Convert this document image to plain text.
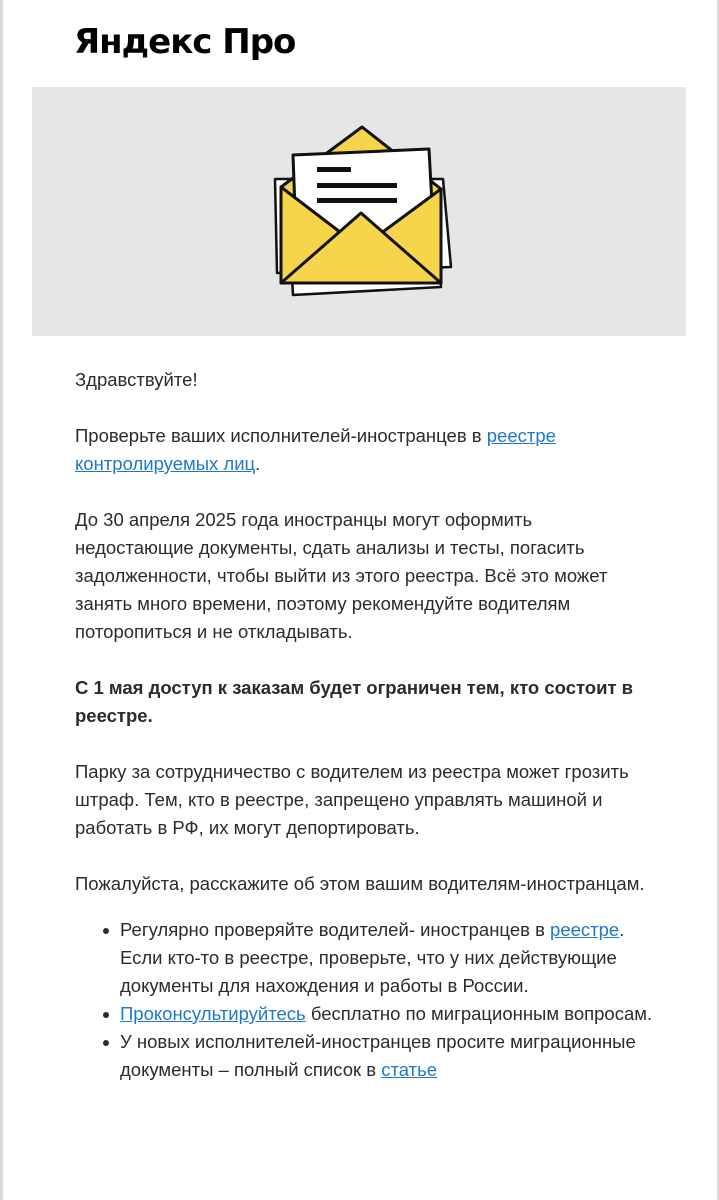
Яндекс Про

Здравствуйте!

Проверьте ваших исполнителей-иностранцев в реестре контролируемых лиц.

До 30 апреля 2025 года иностранцы могут оформить недостающие документы, сдать анализы и тесты, погасить задолженности, чтобы выйти из этого реестра. Всё это может занять много времени, поэтому рекомендуйте водителям поторопиться и не откладывать.

С 1 мая доступ к заказам будет ограничен тем, кто состоит в реестре.

Парку за сотрудничество с водителем из реестра может грозить штраф. Тем, кто в реестре, запрещено управлять машиной и работать в РФ, их могут депортировать.

Пожалуйста, расскажите об этом вашим водителям-иностранцам.

Регулярно проверяйте водителей- иностранцев в реестре. Если кто-то в реестре, проверьте, что у них действующие документы для нахождения и работы в России.
Проконсультируйтесь бесплатно по миграционным вопросам.
У новых исполнителей-иностранцев просите миграционные документы – полный список в статье
